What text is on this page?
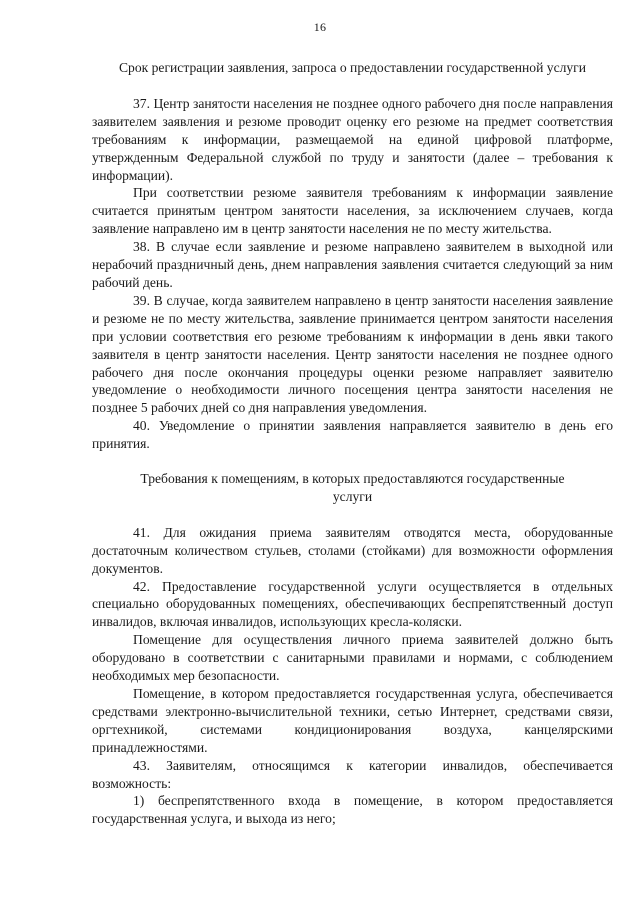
16

Срок регистрации заявления, запроса о предоставлении государственной услуги

37. Центр занятости населения не позднее одного рабочего дня после направления заявителем заявления и резюме проводит оценку его резюме на предмет соответствия требованиям к информации, размещаемой на единой цифровой платформе, утвержденным Федеральной службой по труду и занятости (далее – требования к информации).

При соответствии резюме заявителя требованиям к информации заявление считается принятым центром занятости населения, за исключением случаев, когда заявление направлено им в центр занятости населения не по месту жительства.

38. В случае если заявление и резюме направлено заявителем в выходной или нерабочий праздничный день, днем направления заявления считается следующий за ним рабочий день.

39. В случае, когда заявителем направлено в центр занятости населения заявление и резюме не по месту жительства, заявление принимается центром занятости населения при условии соответствия его резюме требованиям к информации в день явки такого заявителя в центр занятости населения. Центр занятости населения не позднее одного рабочего дня после окончания процедуры оценки резюме направляет заявителю уведомление о необходимости личного посещения центра занятости населения не позднее 5 рабочих дней со дня направления уведомления.

40. Уведомление о принятии заявления направляется заявителю в день его принятия.

Требования к помещениям, в которых предоставляются государственные
услуги

41. Для ожидания приема заявителям отводятся места, оборудованные достаточным количеством стульев, столами (стойками) для возможности оформления документов.

42. Предоставление государственной услуги осуществляется в отдельных специально оборудованных помещениях, обеспечивающих беспрепятственный доступ инвалидов, включая инвалидов, использующих кресла-коляски.

Помещение для осуществления личного приема заявителей должно быть оборудовано в соответствии с санитарными правилами и нормами, с соблюдением необходимых мер безопасности.

Помещение, в котором предоставляется государственная услуга, обеспечивается средствами электронно-вычислительной техники, сетью Интернет, средствами связи, оргтехникой, системами кондиционирования воздуха, канцелярскими принадлежностями.

43. Заявителям, относящимся к категории инвалидов, обеспечивается возможность:

1) беспрепятственного входа в помещение, в котором предоставляется государственная услуга, и выхода из него;
